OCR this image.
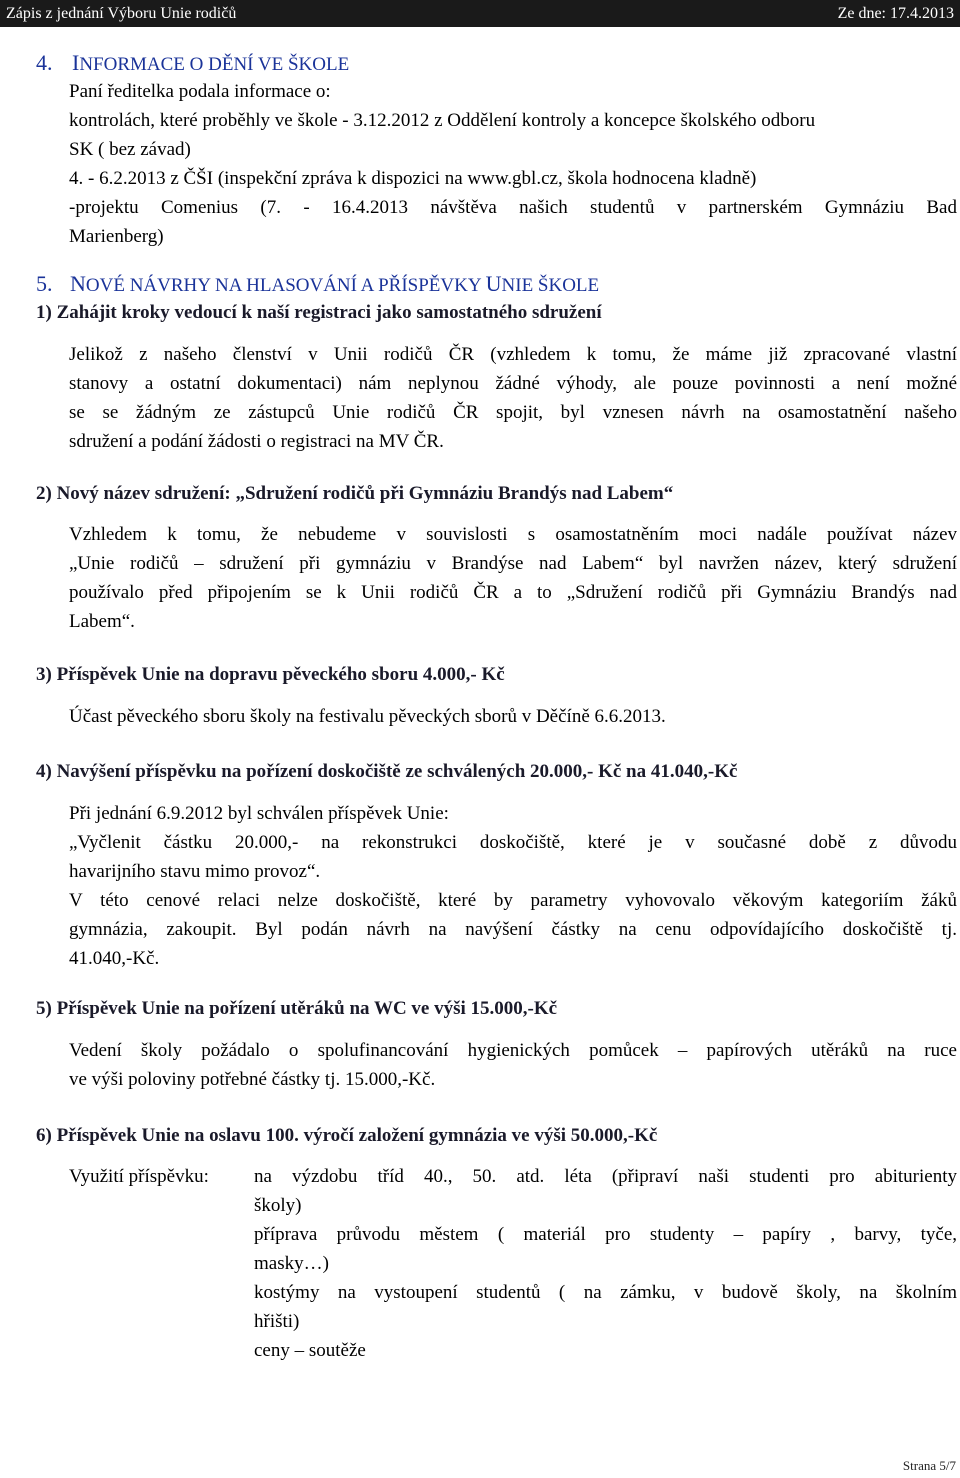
Zápis z jednání Výboru Unie rodičů	Ze dne: 17.4.2013
4. INFORMACE O DĚNÍ VE ŠKOLE
Paní ředitelka podala informace o:
kontrolách, které proběhly ve škole - 3.12.2012 z Oddělení kontroly a koncepce školského odboru
SK ( bez závad)
4. - 6.2.2013 z ČŠI (inspekční zpráva k dispozici na www.gbl.cz, škola hodnocena kladně)
-projektu Comenius (7. - 16.4.2013 návštěva našich studentů v partnerském Gymnáziu Bad
Marienberg)
5. NOVÉ NÁVRHY NA HLASOVÁNÍ A PŘÍSPĚVKY UNIE ŠKOLE
1) Zahájit kroky vedoucí k naší registraci jako samostatného sdružení
Jelikož z našeho členství v Unii rodičů ČR (vzhledem k tomu, že máme již zpracované vlastní
stanovy a ostatní dokumentaci) nám neplynou žádné výhody, ale pouze povinnosti a není možné
se se žádným ze zástupců Unie rodičů ČR spojit, byl vznesen návrh na osamostatnění našeho
sdružení a podání žádosti o registraci na MV ČR.
2) Nový název sdružení: „Sdružení rodičů při Gymnáziu Brandýs nad Labem“
Vzhledem k tomu, že nebudeme v souvislosti s osamostatněním moci nadále používat název
„Unie rodičů – sdružení při gymnáziu v Brandýse nad Labem“ byl navržen název, který sdružení
používalo před připojením se k Unii rodičů ČR a to „Sdružení rodičů při Gymnáziu Brandýs nad
Labem“.
3) Příspěvek Unie na dopravu pěveckého sboru 4.000,- Kč
Účast pěveckého sboru školy na festivalu pěveckých sborů v Děčíně 6.6.2013.
4) Navýšení příspěvku na pořízení doskočiště ze schválených 20.000,- Kč na 41.040,-Kč
Při jednání 6.9.2012 byl schválen příspěvek Unie:
„Vyčlenit částku 20.000,- na rekonstrukci doskočiště, které je v současné době z důvodu
havarijního stavu mimo provoz“.
V této cenové relaci nelze doskočiště, které by parametry vyhovovalo věkovým kategoriím žáků
gymnázia, zakoupit. Byl podán návrh na navýšení částky na cenu odpovídajícího doskočiště tj.
41.040,-Kč.
5) Příspěvek Unie na pořízení utěráků na WC ve výši 15.000,-Kč
Vedení školy požádalo o spolufinancování hygienických pomůcek – papírových utěráků na ruce
ve výši poloviny potřebné částky tj. 15.000,-Kč.
6) Příspěvek Unie na oslavu 100. výročí založení gymnázia ve výši 50.000,-Kč
Využití příspěvku: na výzdobu tříd 40., 50. atd. léta (připraví naši studenti pro abiturienty
školy)
příprava průvodu městem ( materiál pro studenty – papíry , barvy, tyče,
masky…)
kostýmy na vystoupení studentů ( na zámku, v budově školy, na školním
hřišti)
ceny – soutěže
Strana 5/7
